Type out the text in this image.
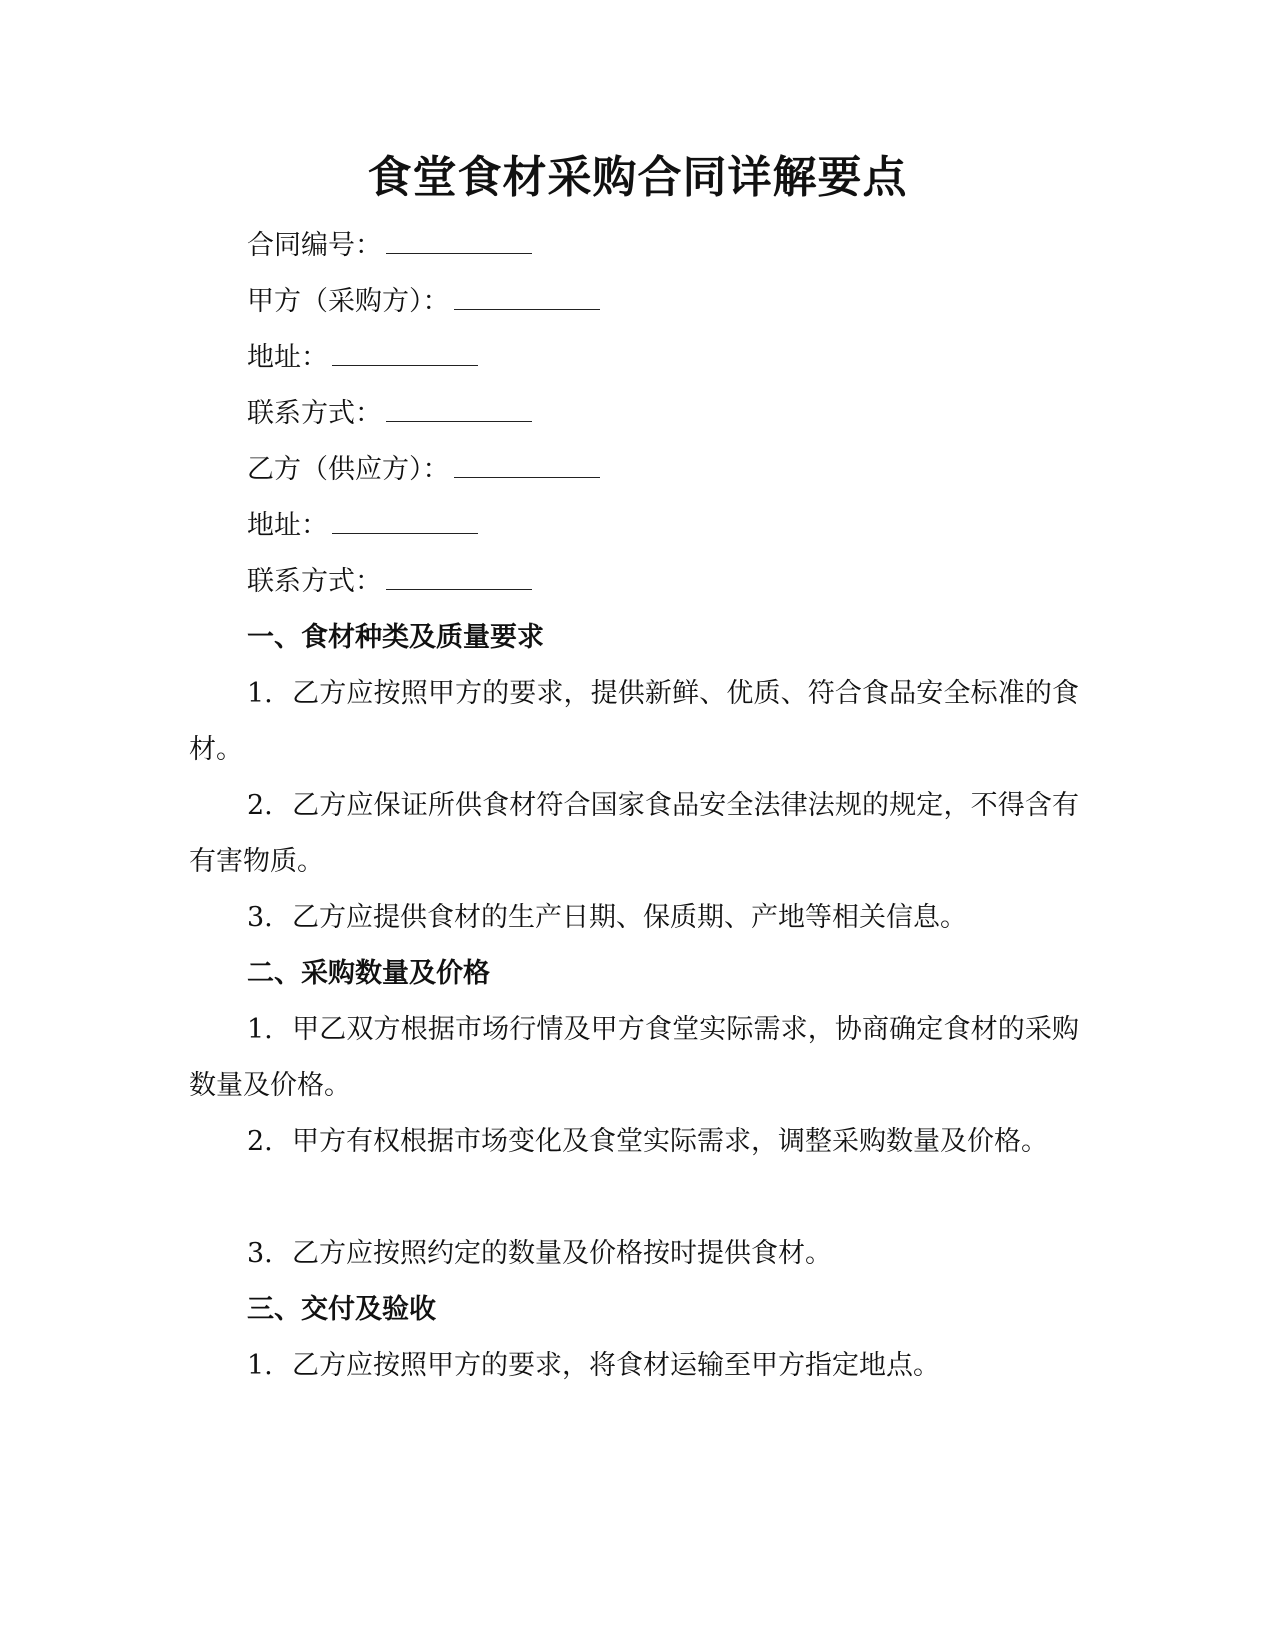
食堂食材采购合同详解要点
合同编号：
甲方（采购方）：
地址：
联系方式：
乙方（供应方）：
地址：
联系方式：
一、食材种类及质量要求

1. 乙方应按照甲方的要求，提供新鲜、优质、符合食品安全标准的食材。

2. 乙方应保证所供食材符合国家食品安全法律法规的规定，不得含有有害物质。

3. 乙方应提供食材的生产日期、保质期、产地等相关信息。

二、采购数量及价格

1. 甲乙双方根据市场行情及甲方食堂实际需求，协商确定食材的采购数量及价格。

2. 甲方有权根据市场变化及食堂实际需求，调整采购数量及价格。

3. 乙方应按照约定的数量及价格按时提供食材。

三、交付及验收

1. 乙方应按照甲方的要求，将食材运输至甲方指定地点。
